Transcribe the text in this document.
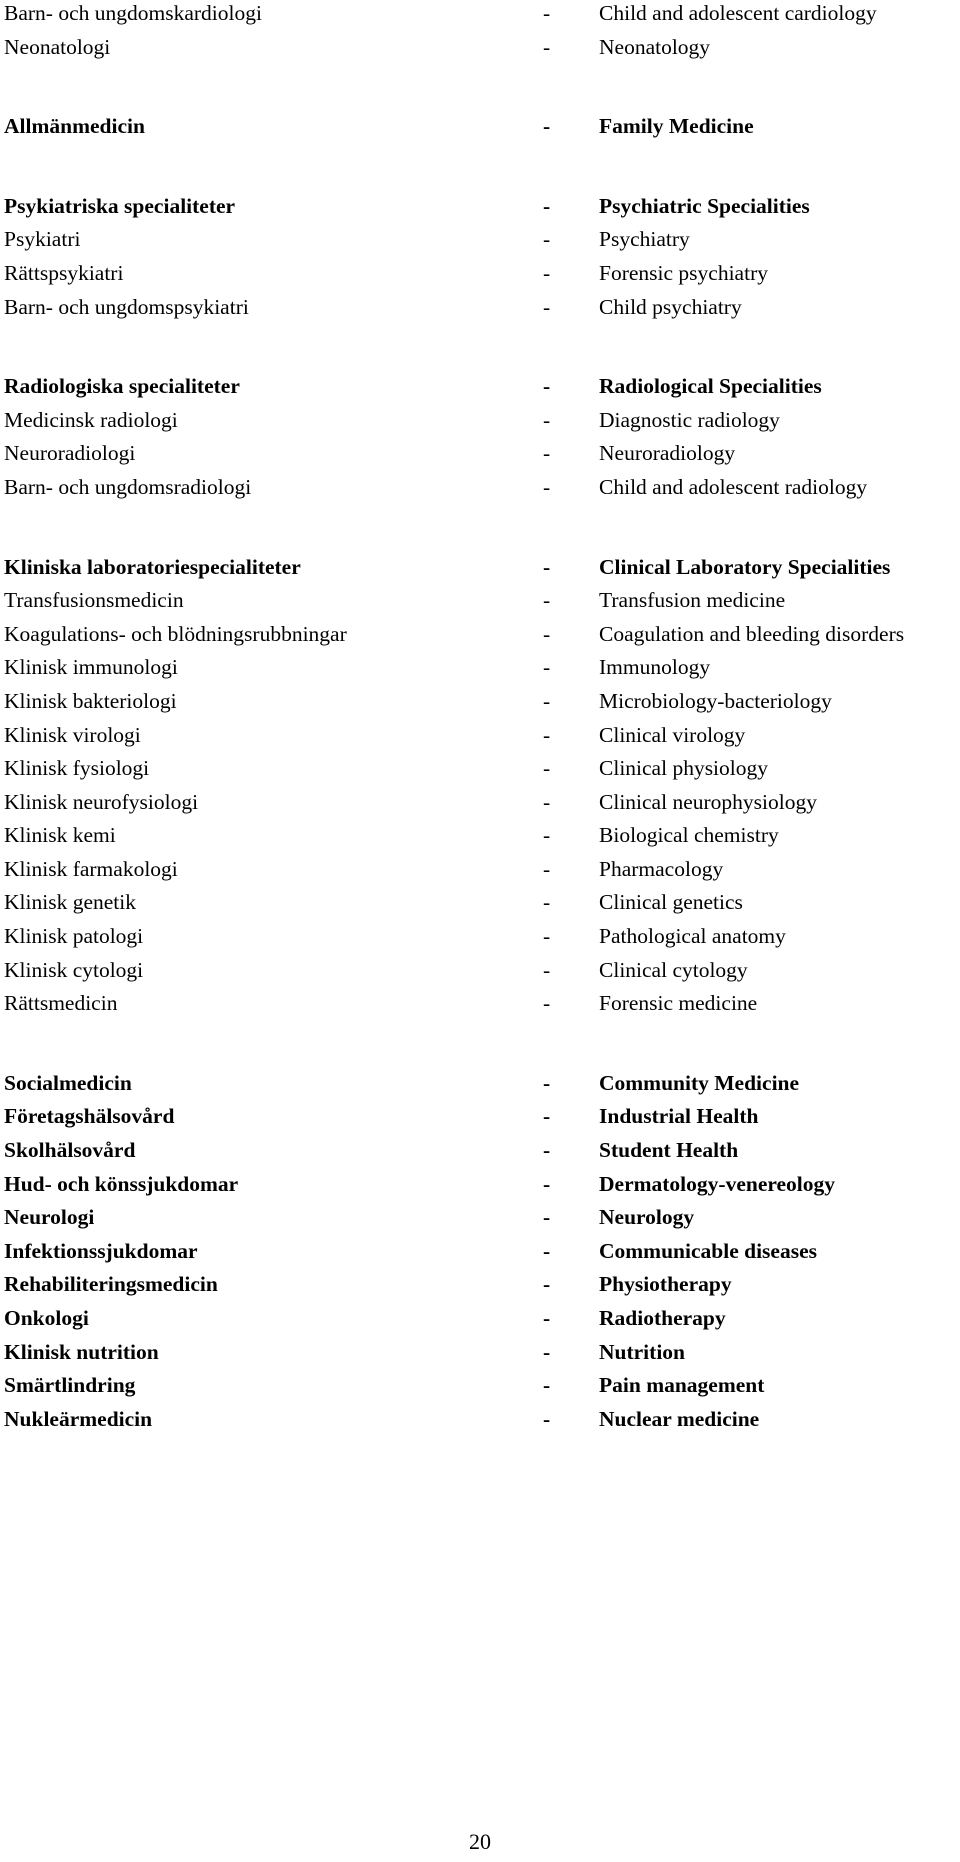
Barn- och ungdomskardiologi	- Child and adolescent cardiology
Neonatologi	- Neonatology
Allmänmedicin	- Family Medicine
Psykiatriska specialiteter	- Psychiatric Specialities
Psykiatri	- Psychiatry
Rättspsykiatri	- Forensic psychiatry
Barn- och ungdomspsykiatri	- Child psychiatry
Radiologiska specialiteter	- Radiological Specialities
Medicinsk radiologi	- Diagnostic radiology
Neuroradiologi	- Neuroradiology
Barn- och ungdomsradiologi	- Child and adolescent radiology
Kliniska laboratoriespecialiteter	- Clinical Laboratory Specialities
Transfusionsmedicin	- Transfusion medicine
Koagulations- och blödningsrubbningar	- Coagulation and bleeding disorders
Klinisk immunologi	- Immunology
Klinisk bakteriologi	- Microbiology-bacteriology
Klinisk virologi	- Clinical virology
Klinisk fysiologi	- Clinical physiology
Klinisk neurofysiologi	- Clinical neurophysiology
Klinisk kemi	- Biological chemistry
Klinisk farmakologi	- Pharmacology
Klinisk genetik	- Clinical genetics
Klinisk patologi	- Pathological anatomy
Klinisk cytologi	- Clinical cytology
Rättsmedicin	- Forensic medicine
Socialmedicin	- Community Medicine
Företagshälsovård	- Industrial Health
Skolhälsovård	- Student Health
Hud- och könssjukdomar	- Dermatology-venereology
Neurologi	- Neurology
Infektionssjukdomar	- Communicable diseases
Rehabiliteringsmedicin	- Physiotherapy
Onkologi	- Radiotherapy
Klinisk nutrition	- Nutrition
Smärtlindring	- Pain management
Nukleärmedicin	- Nuclear medicine
20
